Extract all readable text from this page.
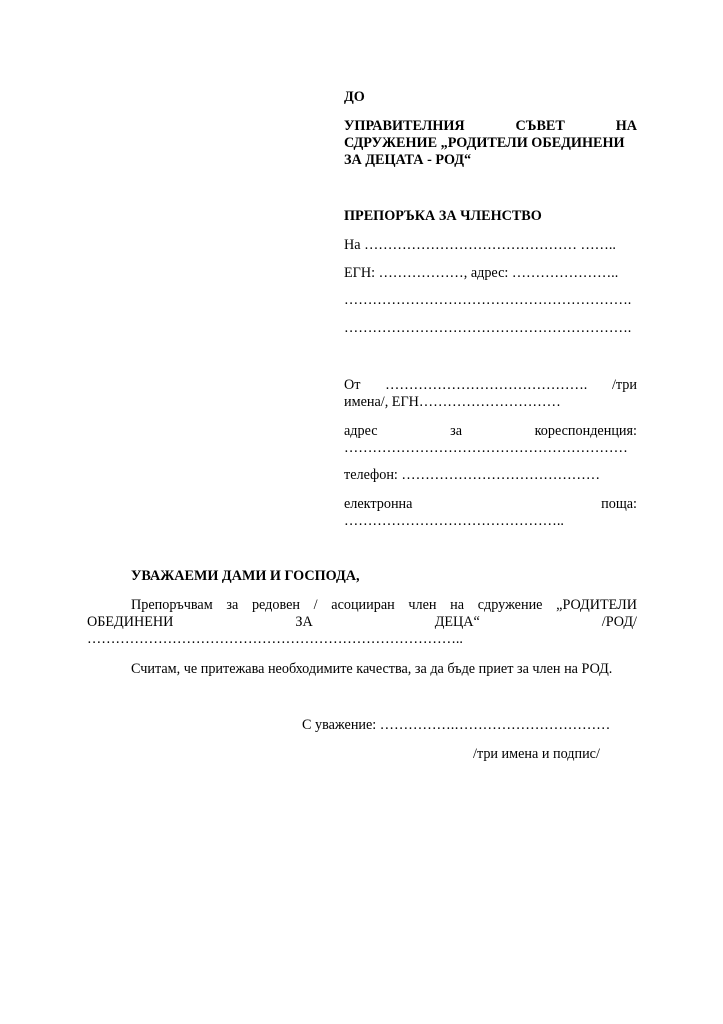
ДО

УПРАВИТЕЛНИЯ	СЪВЕТ	НА

СДРУЖЕНИЕ „РОДИТЕЛИ ОБЕДИНЕНИ

ЗА ДЕЦАТА - РОД“

ПРЕПОРЪКА ЗА ЧЛЕНСТВО

На ……………………………………… ……..

ЕГН: ………………, адрес: …………………..

…………………………………………………….

…………………………………………………….

От ……………………………………. /три

имена/, ЕГН…………………………

адрес	за	кореспонденция:

……………………………………………………

телефон: ……………………………………

електронна	поща:

………………………………………..

УВАЖАЕМИ ДАМИ И ГОСПОДА,

Препоръчвам за редовен / асоцииран член на сдружение „РОДИТЕЛИ
ОБЕДИНЕНИ	ЗА	ДЕЦА“	/РОД/

……………………………………………………………………..

Считам, че притежава необходимите качества, за да бъде приет за член на РОД.

С уважение: …………….……………………………

/три имена и подпис/
